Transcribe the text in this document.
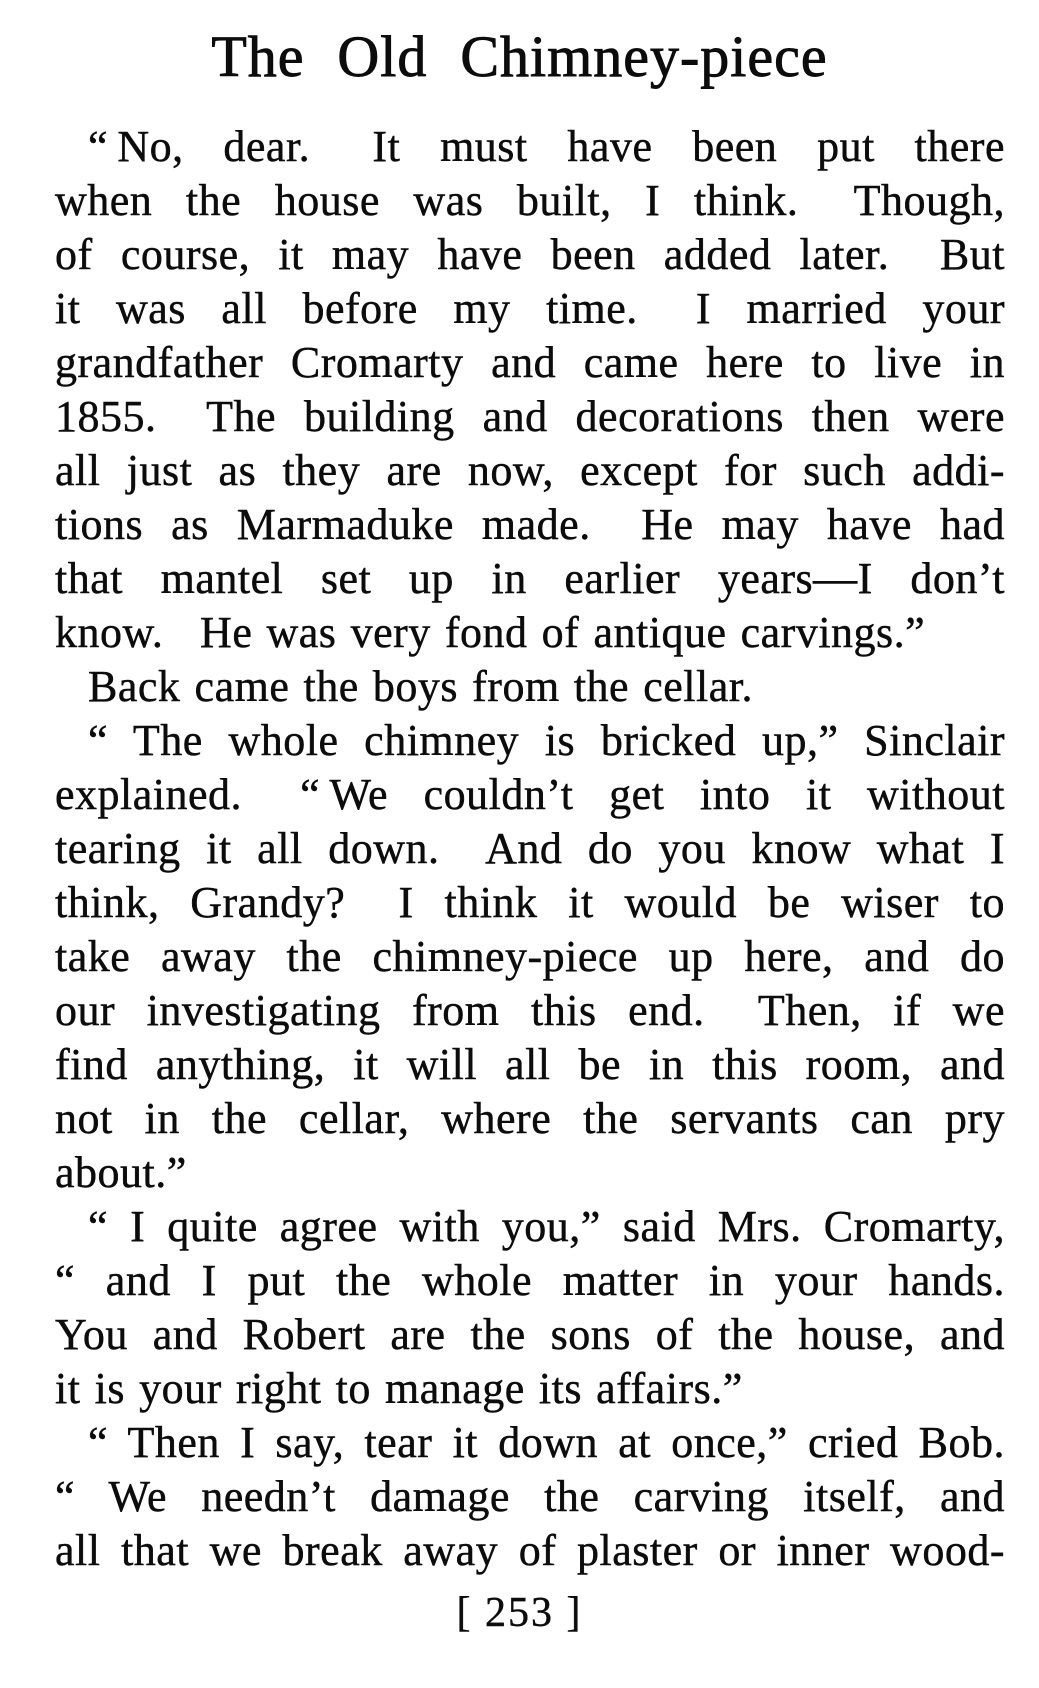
The Old Chimney-piece
“ No, dear.  It must have been put there
when the house was built, I think.  Though,
of course, it may have been added later.  But
it was all before my time.  I married your
grandfather Cromarty and came here to live in
1855.  The building and decorations then were
all just as they are now, except for such addi-
tions as Marmaduke made.  He may have had
that mantel set up in earlier years—I don’t
know.  He was very fond of antique carvings.”
Back came the boys from the cellar.
“ The whole chimney is bricked up,” Sinclair
explained.  “ We couldn’t get into it without
tearing it all down.  And do you know what I
think, Grandy?  I think it would be wiser to
take away the chimney-piece up here, and do
our investigating from this end.  Then, if we
find anything, it will all be in this room, and
not in the cellar, where the servants can pry
about.”
“ I quite agree with you,” said Mrs. Cromarty,
“ and I put the whole matter in your hands.
You and Robert are the sons of the house, and
it is your right to manage its affairs.”
“ Then I say, tear it down at once,” cried Bob.
“ We needn’t damage the carving itself, and
all that we break away of plaster or inner wood-
[ 253 ]
